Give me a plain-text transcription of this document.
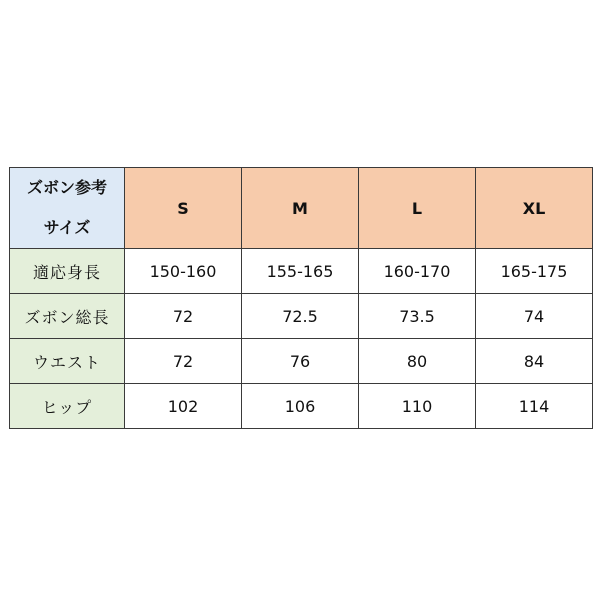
ズボン参考
サイズ	S	M	L	XL
適応身長	150-160	155-165	160-170	165-175
ズボン総長	72	72.5	73.5	74
ウエスト	72	76	80	84
ヒップ	102	106	110	114
